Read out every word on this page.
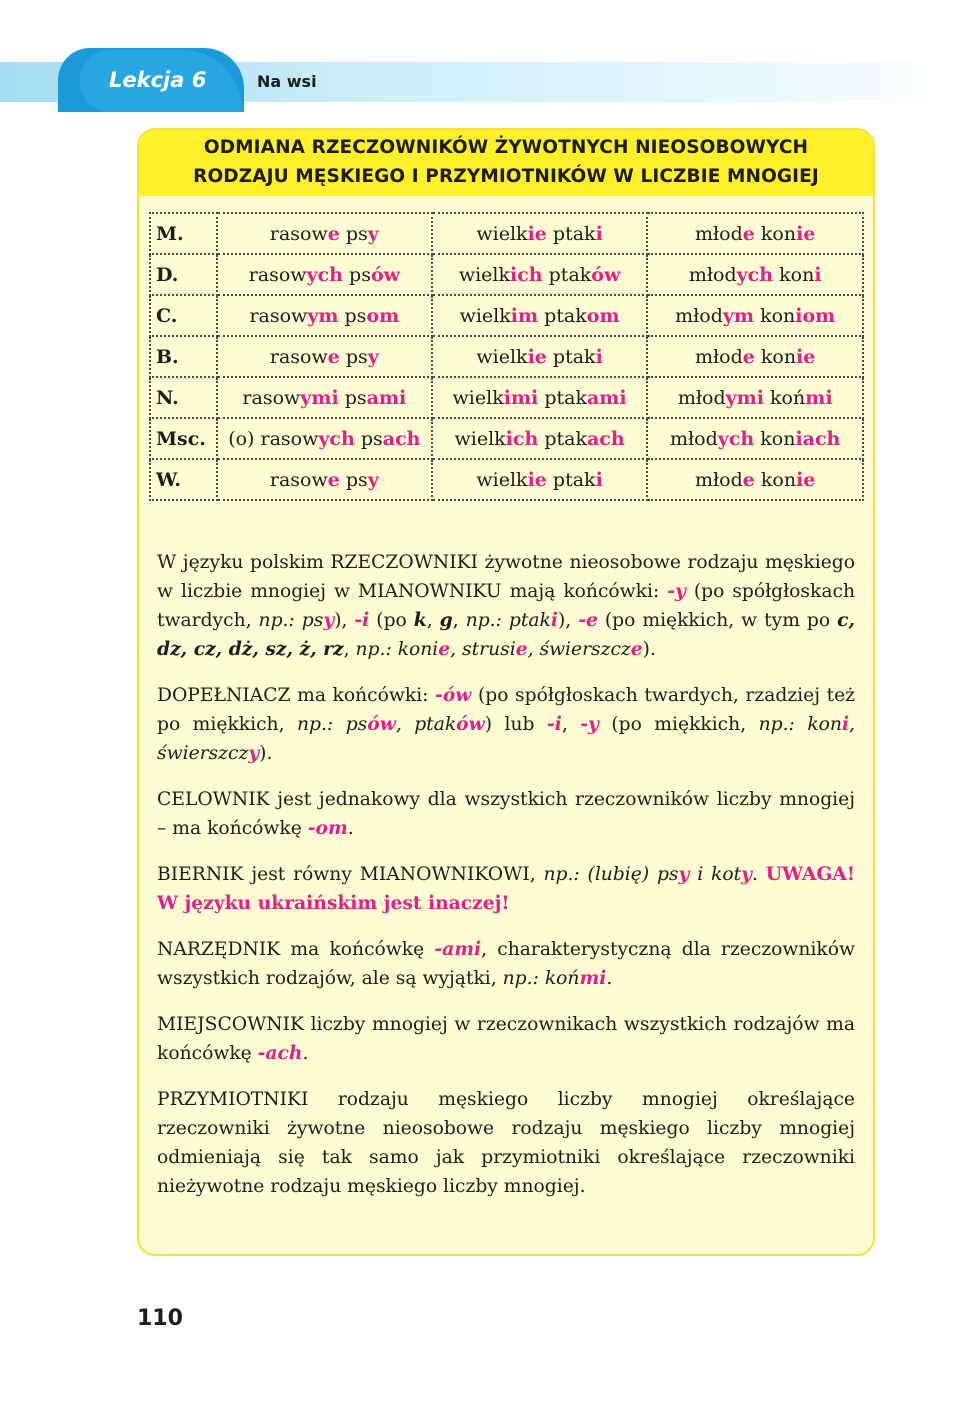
Lekcja 6	Na wsi
ODMIANA RZECZOWNIKÓW ŻYWOTNYCH NIEOSOBOWYCH
RODZAJU MĘSKIEGO I PRZYMIOTNIKÓW W LICZBIE MNOGIEJ
M.	rasowe psy	wielkie ptaki	młode konie
D.	rasowych psów	wielkich ptaków	młodych koni
C.	rasowym psom	wielkim ptakom	młodym koniom
B.	rasowe psy	wielkie ptaki	młode konie
N.	rasowymi psami	wielkimi ptakami	młodymi końmi
Msc.	(o) rasowych psach	wielkich ptakach	młodych koniach
W.	rasowe psy	wielkie ptaki	młode konie

W języku polskim RZECZOWNIKI żywotne nieosobowe rodzaju męskiego w liczbie mnogiej w MIANOWNIKU mają końcówki: -y (po spółgłoskach twardych, np.: psy), -i (po k, g, np.: ptaki), -e (po miękkich, w tym po c, dz, cz, dż, sz, ż, rz, np.: konie, strusie, świerszcze).

DOPEŁNIACZ ma końcówki: -ów (po spółgłoskach twardych, rzadziej też po miękkich, np.: psów, ptaków) lub -i, -y (po miękkich, np.: koni, świerszczy).

CELOWNIK jest jednakowy dla wszystkich rzeczowników liczby mnogiej – ma końcówkę -om.

BIERNIK jest równy MIANOWNIKOWI, np.: (lubię) psy i koty. UWAGA! W języku ukraińskim jest inaczej!

NARZĘDNIK ma końcówkę -ami, charakterystyczną dla rzeczowników wszystkich rodzajów, ale są wyjątki, np.: końmi.

MIEJSCOWNIK liczby mnogiej w rzeczownikach wszystkich rodzajów ma końcówkę -ach.

PRZYMIOTNIKI rodzaju męskiego liczby mnogiej określające rzeczowniki żywotne nieosobowe rodzaju męskiego liczby mnogiej odmieniają się tak samo jak przymiotniki określające rzeczowniki nieżywotne rodzaju męskiego liczby mnogiej.

110
